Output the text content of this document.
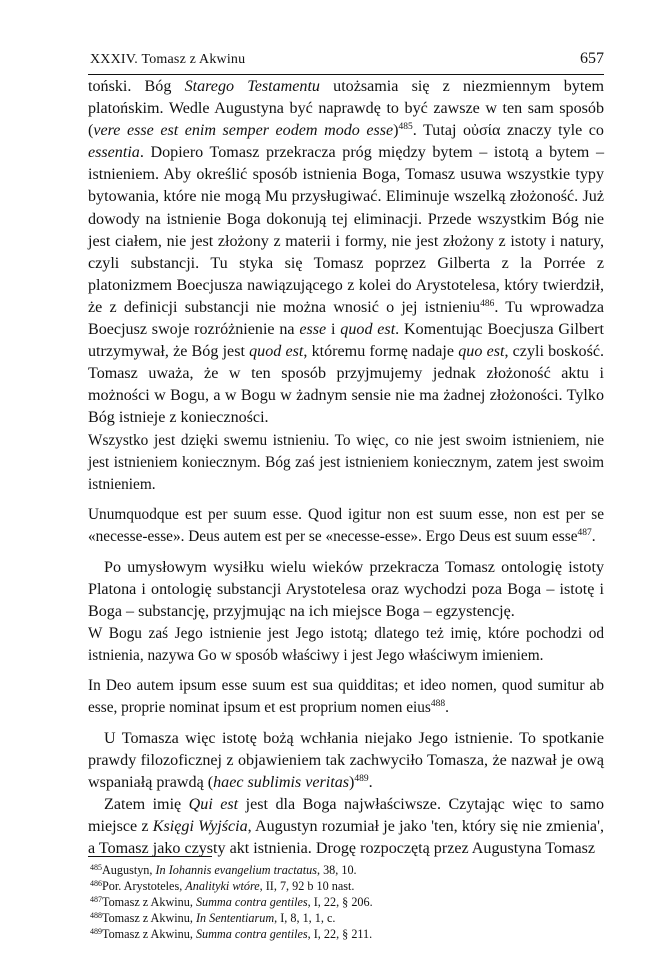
XXXIV. Tomasz z Akwinu	657

toński. Bóg Starego Testamentu utożsamia się z niezmiennym bytem platońskim. Wedle Augustyna być naprawdę to być zawsze w ten sam sposób (vere esse est enim semper eodem modo esse)$^{485}$. Tutaj οὐσία znaczy tyle co essentia. Dopiero Tomasz przekracza próg między bytem – istotą a bytem – istnieniem. Aby określić sposób istnienia Boga, Tomasz usuwa wszystkie typy bytowania, które nie mogą Mu przysługiwać. Eliminuje wszelką złożoność. Już dowody na istnienie Boga dokonują tej eliminacji. Przede wszystkim Bóg nie jest ciałem, nie jest złożony z materii i formy, nie jest złożony z istoty i natury, czyli substancji. Tu styka się Tomasz poprzez Gilberta z la Porrée z platonizmem Boecjusza nawiązującego z kolei do Arystotelesa, który twierdził, że z definicji substancji nie można wnosić o jej istnieniu$^{486}$. Tu wprowadza Boecjusz swoje rozróżnienie na esse i quod est. Komentując Boecjusza Gilbert utrzymywał, że Bóg jest quod est, któremu formę nadaje quo est, czyli boskość. Tomasz uważa, że w ten sposób przyjmujemy jednak złożoność aktu i możności w Bogu, a w Bogu w żadnym sensie nie ma żadnej złożoności. Tylko Bóg istnieje z konieczności.

Wszystko jest dzięki swemu istnieniu. To więc, co nie jest swoim istnieniem, nie jest istnieniem koniecznym. Bóg zaś jest istnieniem koniecznym, zatem jest swoim istnieniem.

Unumquodque est per suum esse. Quod igitur non est suum esse, non est per se «necesse-esse». Deus autem est per se «necesse-esse». Ergo Deus est suum esse$^{487}$.

Po umysłowym wysiłku wielu wieków przekracza Tomasz ontologię istoty Platona i ontologię substancji Arystotelesa oraz wychodzi poza Boga – istotę i Boga – substancję, przyjmując na ich miejsce Boga – egzystencję.

W Bogu zaś Jego istnienie jest Jego istotą; dlatego też imię, które pochodzi od istnienia, nazywa Go w sposób właściwy i jest Jego właściwym imieniem.

In Deo autem ipsum esse suum est sua quidditas; et ideo nomen, quod sumitur ab esse, proprie nominat ipsum et est proprium nomen eius$^{488}$.

U Tomasza więc istotę bożą wchłania niejako Jego istnienie. To spotkanie prawdy filozoficznej z objawieniem tak zachwyciło Tomasza, że nazwał je ową wspaniałą prawdą (haec sublimis veritas)$^{489}$.

Zatem imię Qui est jest dla Boga najwłaściwsze. Czytając więc to samo miejsce z Księgi Wyjścia, Augustyn rozumiał je jako 'ten, który się nie zmienia', a Tomasz jako czysty akt istnienia. Drogę rozpoczętą przez Augustyna Tomasz

$^{485}$Augustyn, In Iohannis evangelium tractatus, 38, 10.

$^{486}$Por. Arystoteles, Analityki wtóre, II, 7, 92 b 10 nast.

$^{487}$Tomasz z Akwinu, Summa contra gentiles, I, 22, § 206.

$^{488}$Tomasz z Akwinu, In Sententiarum, I, 8, 1, 1, c.

$^{489}$Tomasz z Akwinu, Summa contra gentiles, I, 22, § 211.
